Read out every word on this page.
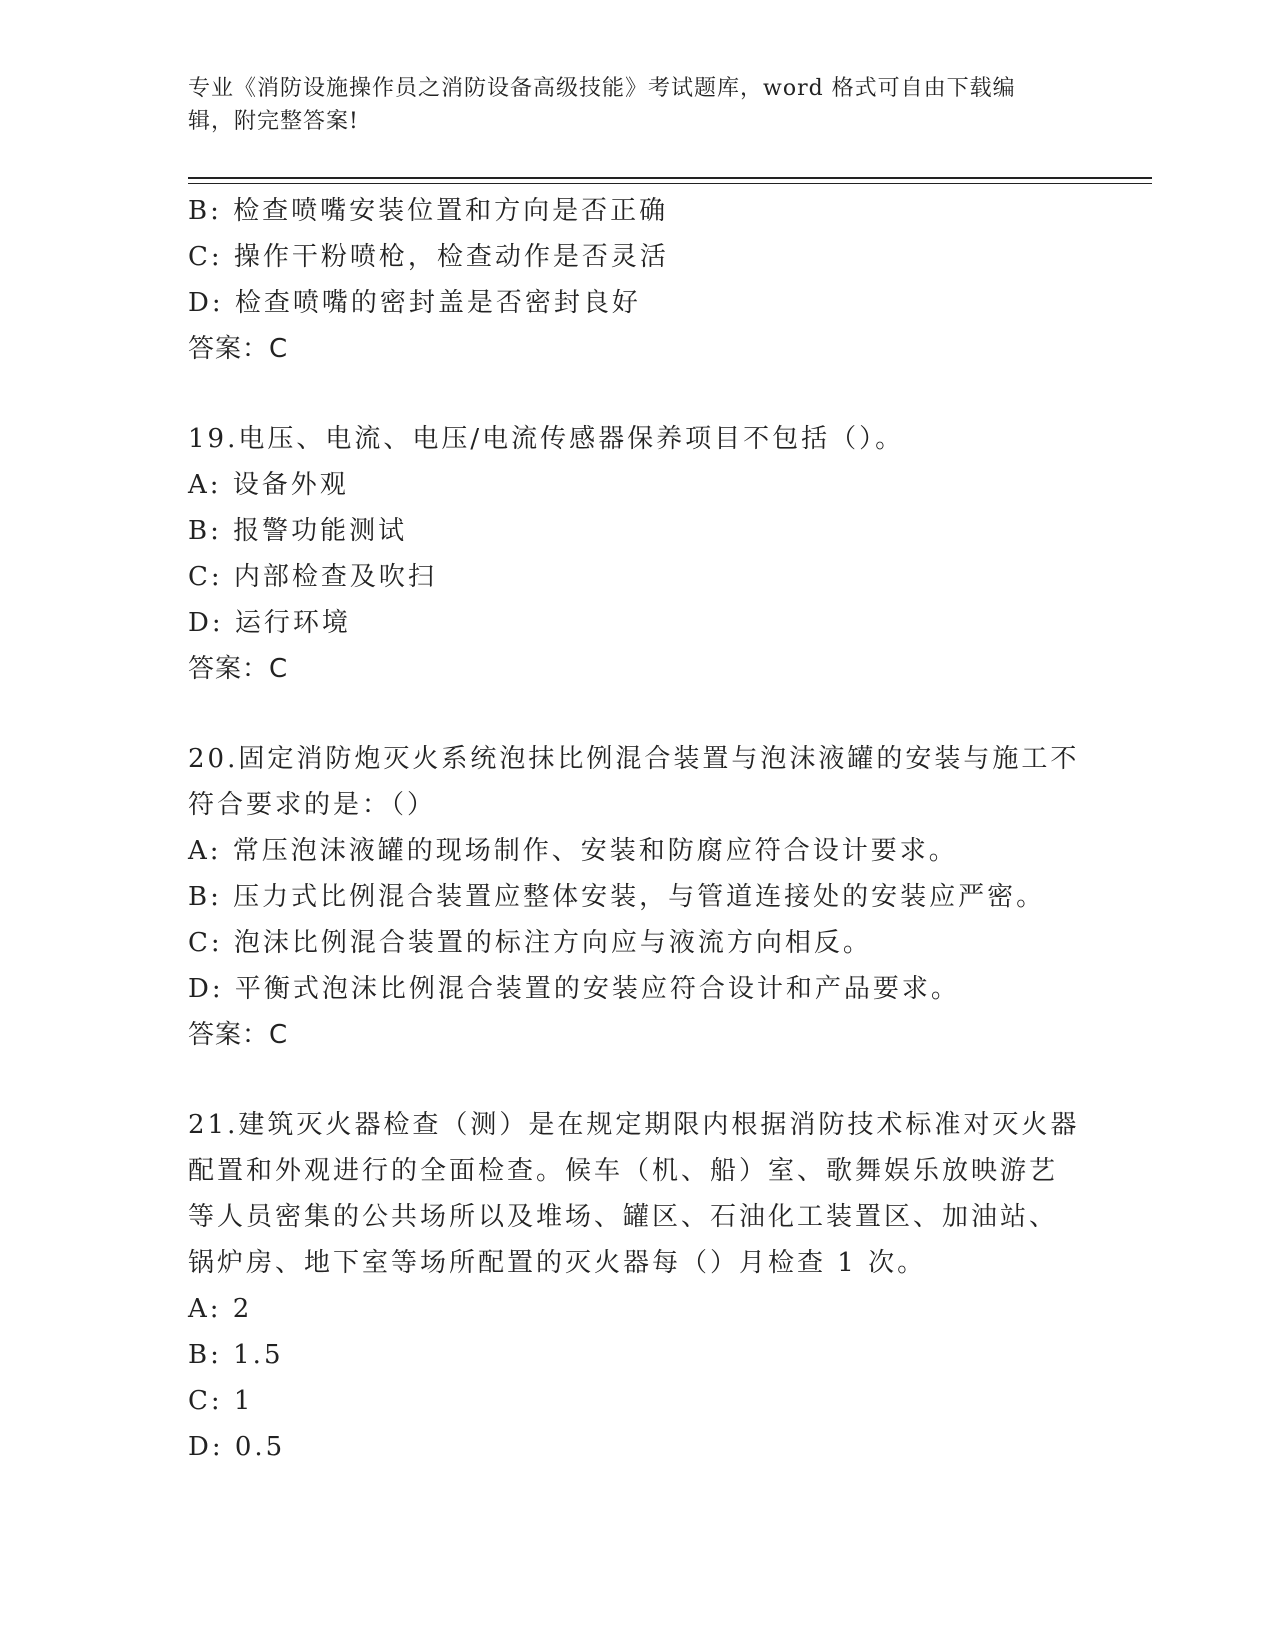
专业《消防设施操作员之消防设备高级技能》考试题库，word 格式可自由下载编
辑，附完整答案!
B: 检查喷嘴安装位置和方向是否正确
C: 操作干粉喷枪，检查动作是否灵活
D: 检查喷嘴的密封盖是否密封良好
答案：C
19.电压、电流、电压/电流传感器保养项目不包括（）。
A: 设备外观
B: 报警功能测试
C: 内部检查及吹扫
D: 运行环境
答案：C
20.固定消防炮灭火系统泡抹比例混合装置与泡沫液罐的安装与施工不
符合要求的是：（）
A: 常压泡沫液罐的现场制作、安装和防腐应符合设计要求。
B: 压力式比例混合装置应整体安装，与管道连接处的安装应严密。
C: 泡沫比例混合装置的标注方向应与液流方向相反。
D: 平衡式泡沫比例混合装置的安装应符合设计和产品要求。
答案：C
21.建筑灭火器检查（测）是在规定期限内根据消防技术标准对灭火器
配置和外观进行的全面检查。候车（机、船）室、歌舞娱乐放映游艺
等人员密集的公共场所以及堆场、罐区、石油化工装置区、加油站、
锅炉房、地下室等场所配置的灭火器每（）月检查 1 次。
A: 2
B: 1.5
C: 1
D: 0.5
